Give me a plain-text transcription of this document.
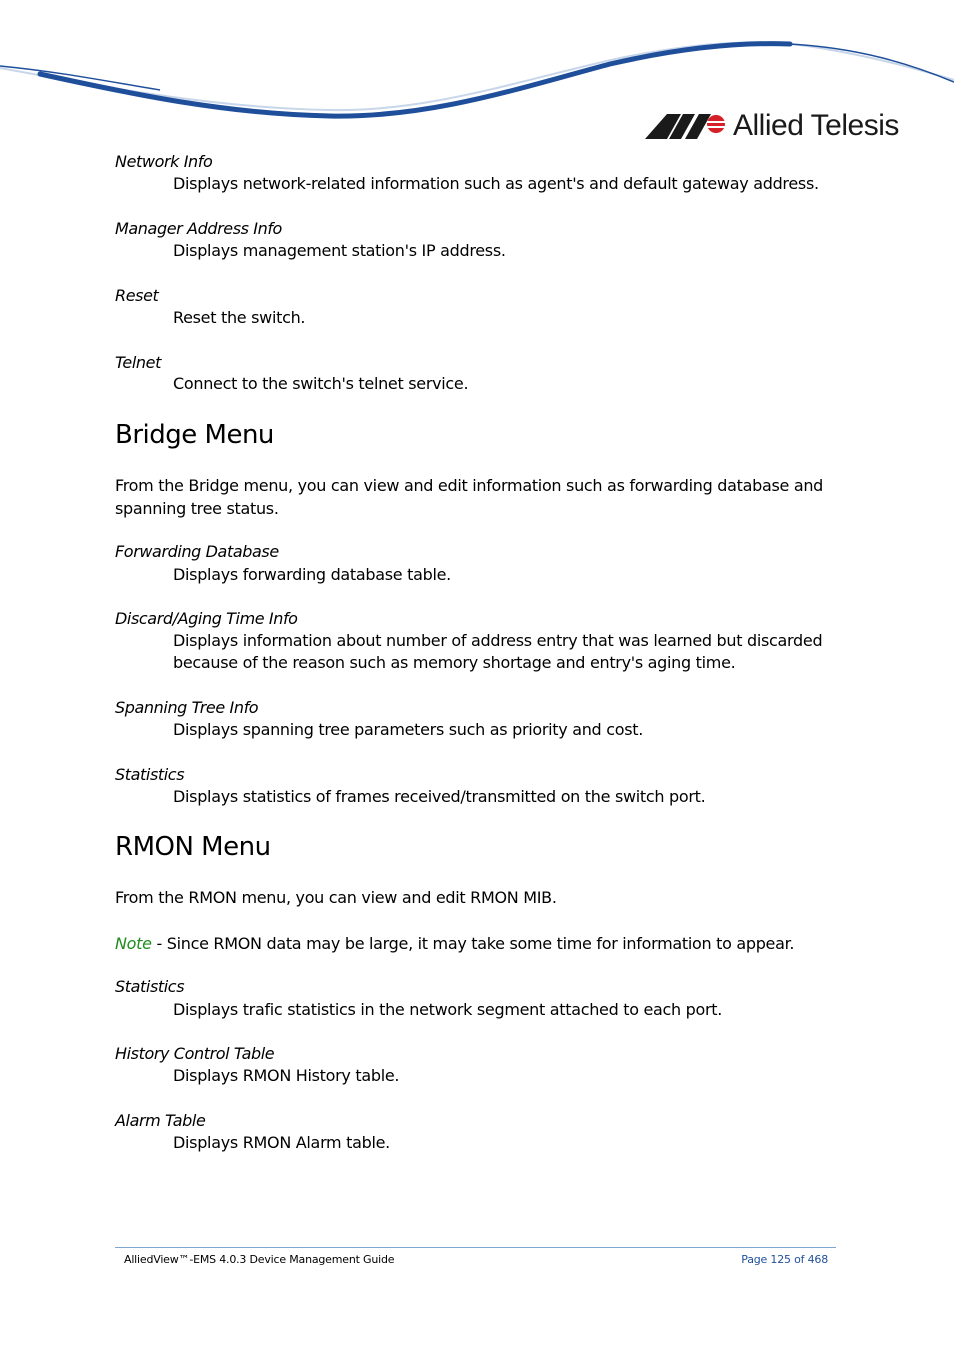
Allied Telesis
Network Info
Displays network-related information such as agent's and default gateway address.
Manager Address Info
Displays management station's IP address.
Reset
Reset the switch.
Telnet
Connect to the switch's telnet service.
Bridge Menu
From the Bridge menu, you can view and edit information such as forwarding database and spanning tree status.
Forwarding Database
Displays forwarding database table.
Discard/Aging Time Info
Displays information about number of address entry that was learned but discarded because of the reason such as memory shortage and entry's aging time.
Spanning Tree Info
Displays spanning tree parameters such as priority and cost.
Statistics
Displays statistics of frames received/transmitted on the switch port.
RMON Menu
From the RMON menu, you can view and edit RMON MIB.
Note - Since RMON data may be large, it may take some time for information to appear.
Statistics
Displays trafic statistics in the network segment attached to each port.
History Control Table
Displays RMON History table.
Alarm Table
Displays RMON Alarm table.
AlliedView™-EMS 4.0.3 Device Management Guide	Page 125 of 468
